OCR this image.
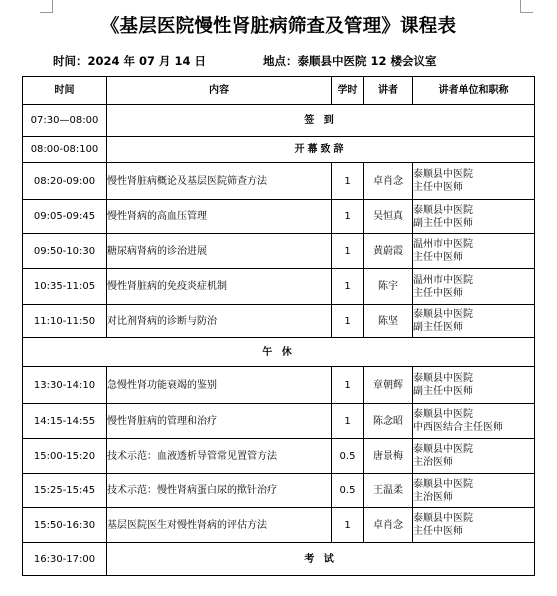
《基层医院慢性肾脏病筛查及管理》课程表
时间：2024 年 07 月 14 日	地点：泰顺县中医院 12 楼会议室
时间	内容	学时	讲者	讲者单位和职称
07:30—08:00	签 到			
08:00-08:100	开幕致辞			
08:20-09:00	慢性肾脏病概论及基层医院筛查方法	1	卓肖念	泰顺县中医院
主任中医师

09:05-09:45	慢性肾病的高血压管理	1	吴恒真	泰顺县中医院
副主任中医师

09:50-10:30	糖尿病肾病的诊治进展	1	黄蔚霞	温州市中医院
主任中医师

10:35-11:05	慢性肾脏病的免疫炎症机制	1	陈宇	温州市中医院
主任中医师

11:10-11:50	对比剂肾病的诊断与防治	1	陈坚	泰顺县中医院
副主任医师

午 休				
13:30-14:10	急慢性肾功能衰竭的鉴别	1	章朝辉	泰顺县中医院
副主任中医师

14:15-14:55	慢性肾脏病的管理和治疗	1	陈念昭	泰顺县中医院
中西医结合主任医师

15:00-15:20	技术示范：血液透析导管常见置管方法	0.5	唐景梅	泰顺县中医院
主治医师

15:25-15:45	技术示范：慢性肾病蛋白尿的揿针治疗	0.5	王温柔	泰顺县中医院
主治医师

15:50-16:30	基层医院医生对慢性肾病的评估方法	1	卓肖念	泰顺县中医院
主任中医师

16:30-17:00	考 试			
